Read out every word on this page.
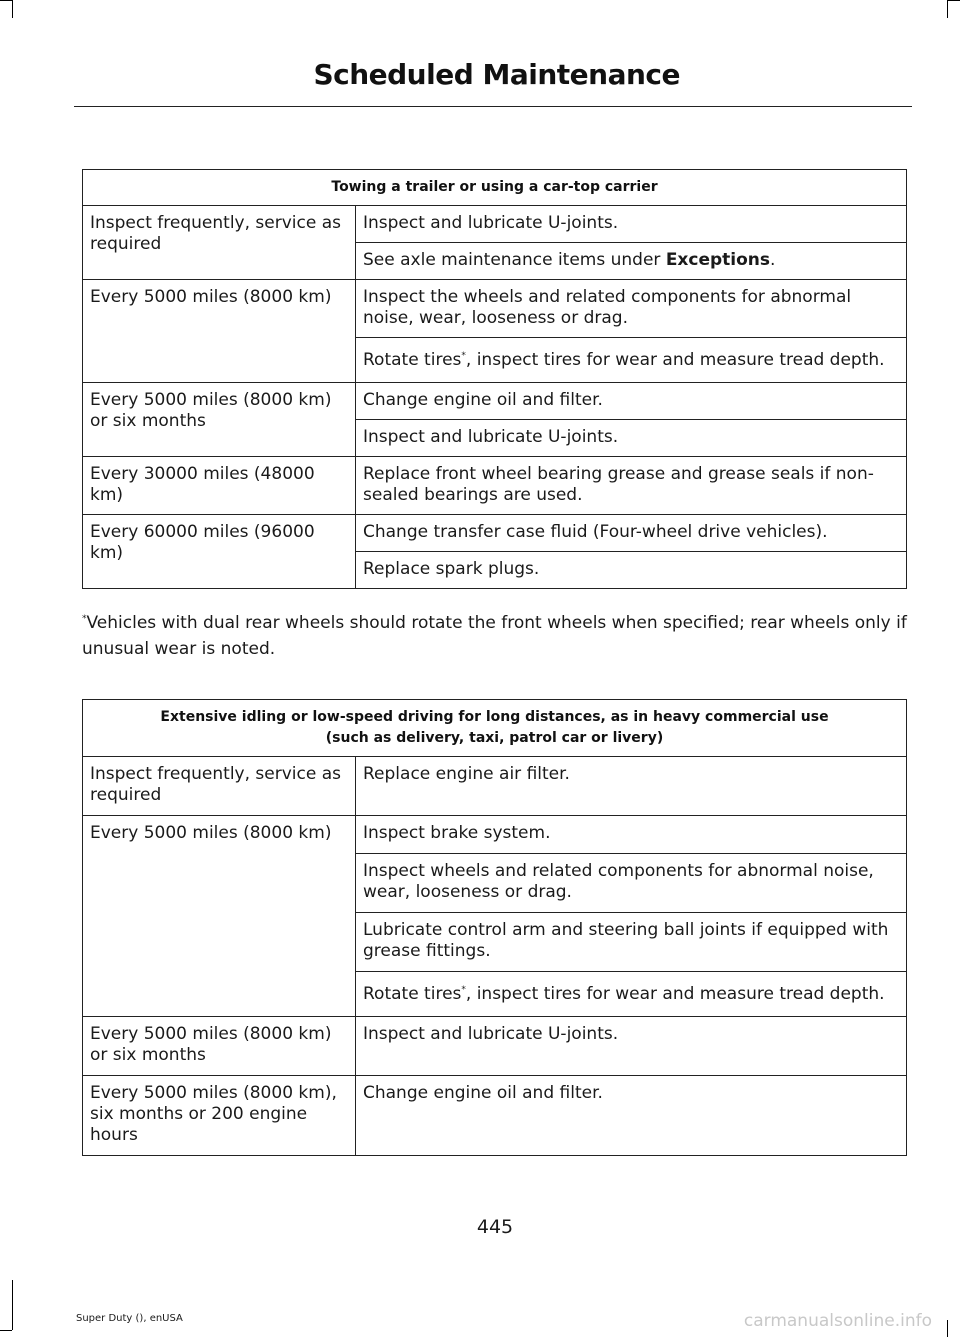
Scheduled Maintenance
Towing a trailer or using a car-top carrier	
Inspect frequently, service as required	Inspect and lubricate U-joints.
	See axle maintenance items under Exceptions.
Every 5000 miles (8000 km)	Inspect the wheels and related components for abnormal noise, wear, looseness or drag.
	Rotate tires*, inspect tires for wear and measure tread depth.
Every 5000 miles (8000 km) or six months	Change engine oil and filter.
	Inspect and lubricate U-joints.
Every 30000 miles (48000 km)	Replace front wheel bearing grease and grease seals if non-sealed bearings are used.
Every 60000 miles (96000 km)	Change transfer case fluid (Four-wheel drive vehicles).
	Replace spark plugs.
*Vehicles with dual rear wheels should rotate the front wheels when specified; rear wheels only if unusual wear is noted.
Extensive idling or low-speed driving for long distances, as in heavy commercial use
(such as delivery, taxi, patrol car or livery)	

Inspect frequently, service as required	Replace engine air filter.
Every 5000 miles (8000 km)	Inspect brake system.
	Inspect wheels and related components for abnormal noise, wear, looseness or drag.
	Lubricate control arm and steering ball joints if equipped with grease fittings.
	Rotate tires*, inspect tires for wear and measure tread depth.
Every 5000 miles (8000 km) or six months	Inspect and lubricate U-joints.
Every 5000 miles (8000 km), six months or 200 engine hours	Change engine oil and filter.
445
Super Duty (), enUSA	carmanualsonline.info
